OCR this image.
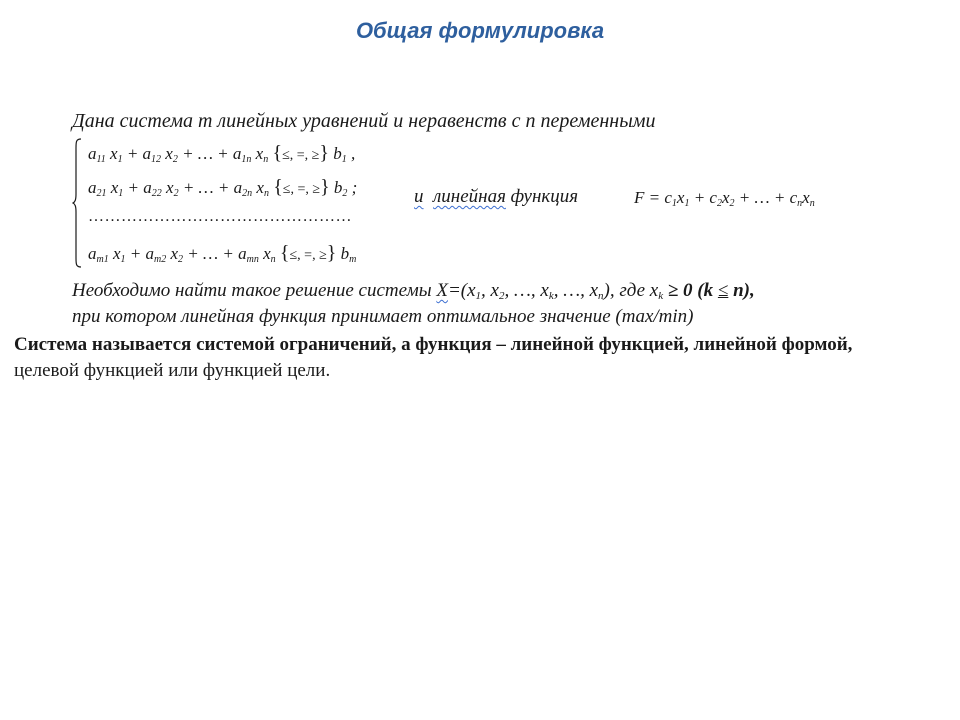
Общая формулировка
Дана система m линейных уравнений и неравенств с n переменными
$a_{11}$ $x_1 + a_{12}$ $x_2$ + … + $a_{1n}$ $x_n$ {≤, =, ≥} $b_1$ ,
$a_{21}$ $x_1 + a_{22}$ $x_2$ + … + $a_{2n}$ $x_n$ {≤, =, ≥} $b_2$ ;
…………………………………………
$a_{m1}$ $x_1 + a_{m2}$ $x_2$ + … + $a_{mn}$ $x_n$ {≤, =, ≥} $b_m$
и линейная функция	$F = c_1x_1 + c_2x_2$ + … + $c_nx_n$
Необходимо найти такое решение системы $X=(x_1$, $x_2$, …, $x_k$, …, $x_n$), где $x_k \ge 0$ (k ≤ n),
при котором линейная функция принимает оптимальное значение (max/min)
Система называется системой ограничений, а функция – линейной функцией, линейной формой,
целевой функцией или функцией цели.
